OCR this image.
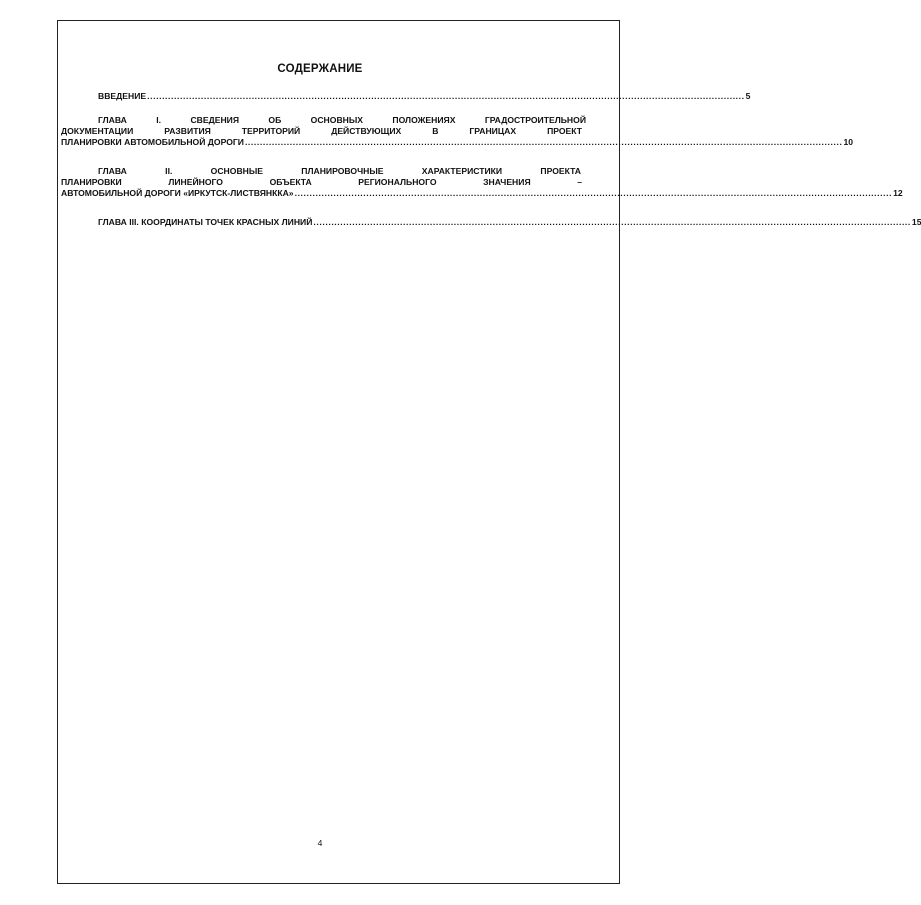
СОДЕРЖАНИЕ
ВВЕДЕНИЕ ........................................................................................................................................................................................................ 5
ГЛАВА I. СВЕДЕНИЯ ОБ ОСНОВНЫХ ПОЛОЖЕНИЯХ ГРАДОСТРОИТЕЛЬНОЙ
ДОКУМЕНТАЦИИ РАЗВИТИЯ ТЕРРИТОРИЙ ДЕЙСТВУЮЩИХ В ГРАНИЦАХ ПРОЕКТ
ПЛАНИРОВКИ АВТОМОБИЛЬНОЙ ДОРОГИ ........................................................................................................................................................................................................ 10
ГЛАВА II. ОСНОВНЫЕ ПЛАНИРОВОЧНЫЕ ХАРАКТЕРИСТИКИ ПРОЕКТА
ПЛАНИРОВКИ ЛИНЕЙНОГО ОБЪЕКТА РЕГИОНАЛЬНОГО ЗНАЧЕНИЯ –
АВТОМОБИЛЬНОЙ ДОРОГИ «ИРКУТСК-ЛИСТВЯНККА» ........................................................................................................................................................................................................ 12
ГЛАВА III. КООРДИНАТЫ ТОЧЕК КРАСНЫХ ЛИНИЙ ........................................................................................................................................................................................................ 15
4
